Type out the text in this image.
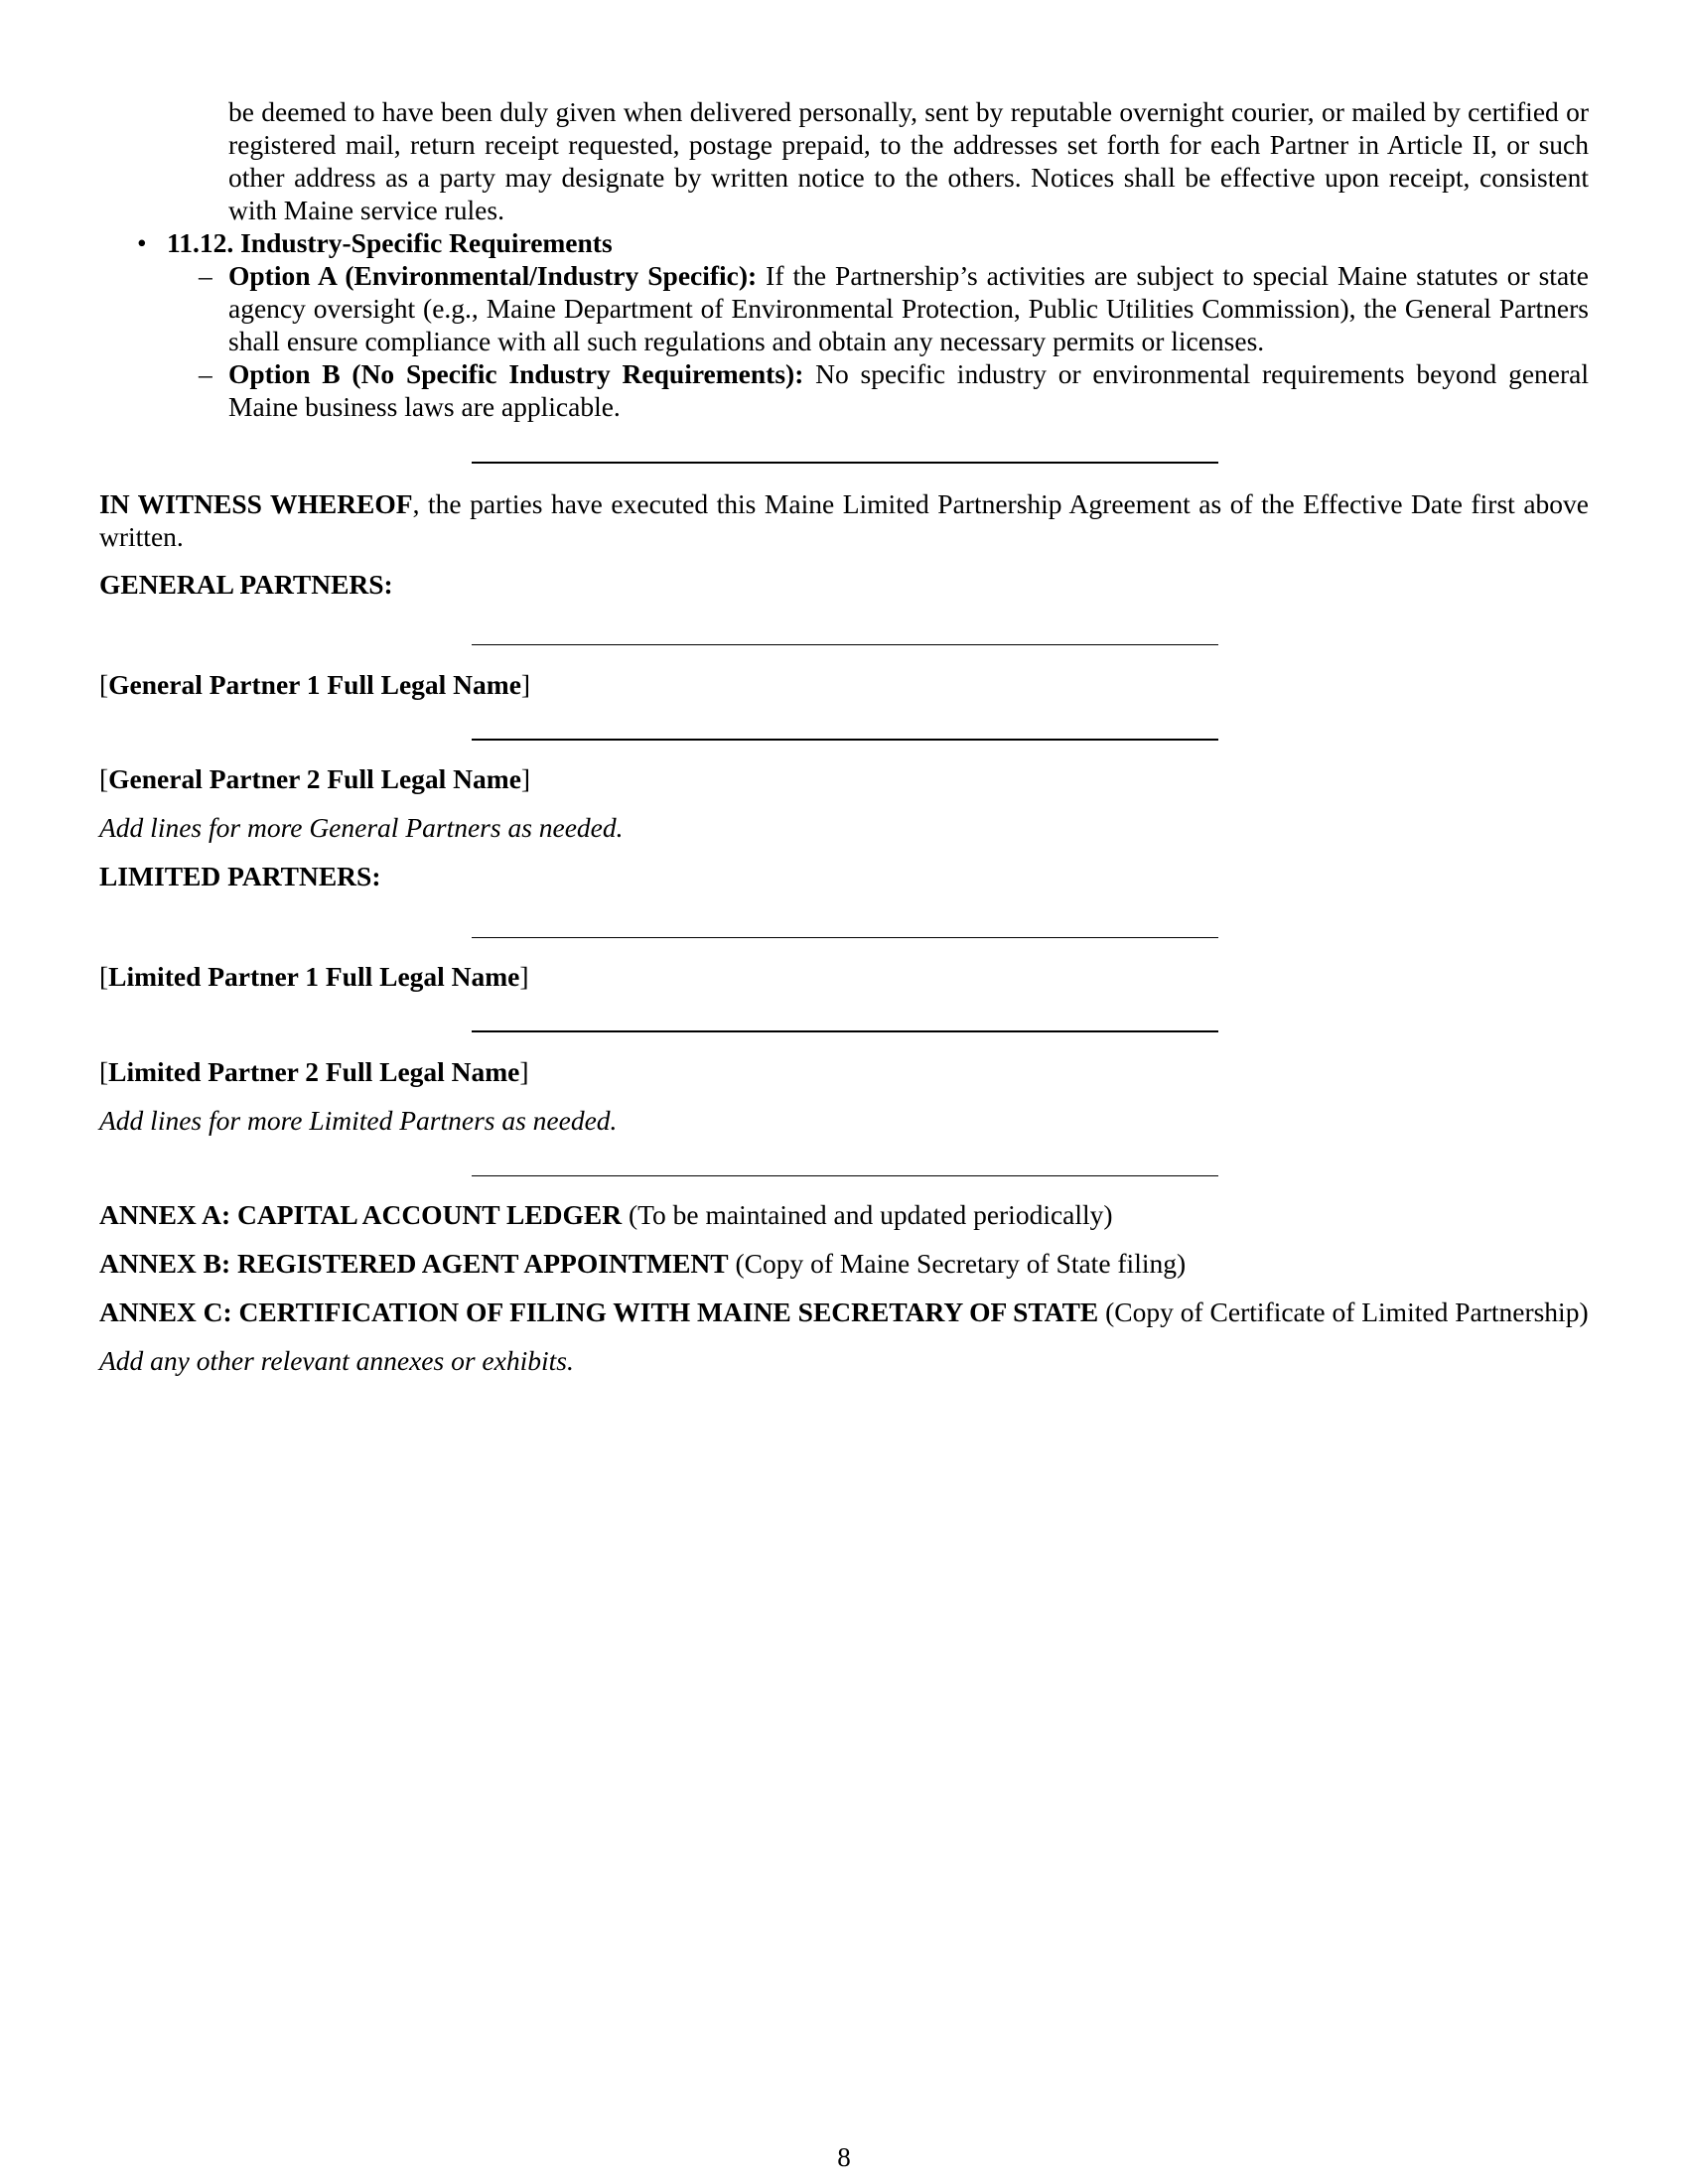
be deemed to have been duly given when delivered personally, sent by reputable overnight courier, or mailed by certified or registered mail, return receipt requested, postage prepaid, to the addresses set forth for each Partner in Article II, or such other address as a party may designate by written notice to the others. Notices shall be effective upon receipt, consistent with Maine service rules.
• 11.12. Industry-Specific Requirements
– Option A (Environmental/Industry Specific): If the Partnership’s activities are subject to special Maine statutes or state agency oversight (e.g., Maine Department of Environmental Protection, Public Utilities Commission), the General Partners shall ensure compliance with all such regulations and obtain any necessary permits or licenses.
– Option B (No Specific Industry Requirements): No specific industry or environmental requirements beyond general Maine business laws are applicable.
IN WITNESS WHEREOF, the parties have executed this Maine Limited Partnership Agreement as of the Effective Date first above written.
GENERAL PARTNERS:
[General Partner 1 Full Legal Name]
[General Partner 2 Full Legal Name]
Add lines for more General Partners as needed.
LIMITED PARTNERS:
[Limited Partner 1 Full Legal Name]
[Limited Partner 2 Full Legal Name]
Add lines for more Limited Partners as needed.
ANNEX A: CAPITAL ACCOUNT LEDGER (To be maintained and updated periodically)
ANNEX B: REGISTERED AGENT APPOINTMENT (Copy of Maine Secretary of State filing)
ANNEX C: CERTIFICATION OF FILING WITH MAINE SECRETARY OF STATE (Copy of Certificate of Limited Partnership)
Add any other relevant annexes or exhibits.
8
